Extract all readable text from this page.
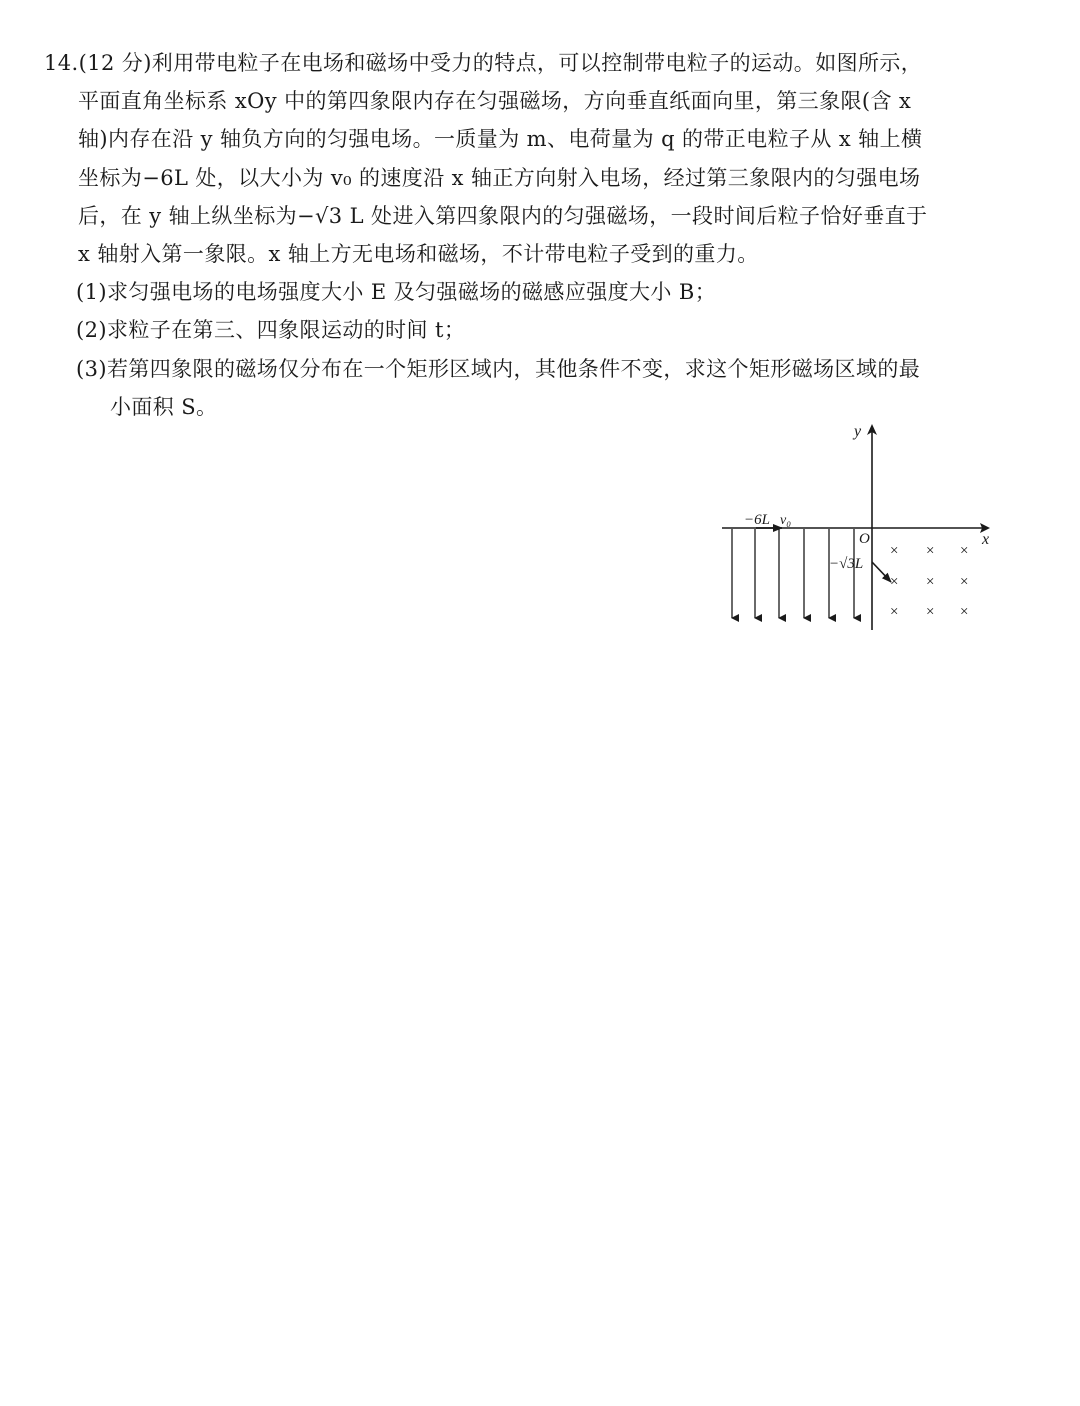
14.(12 分)利用带电粒子在电场和磁场中受力的特点，可以控制带电粒子的运动。如图所示，
平面直角坐标系 xOy 中的第四象限内存在匀强磁场，方向垂直纸面向里，第三象限(含 x
轴)内存在沿 y 轴负方向的匀强电场。一质量为 m、电荷量为 q 的带正电粒子从 x 轴上横
坐标为−6L 处，以大小为 v₀ 的速度沿 x 轴正方向射入电场，经过第三象限内的匀强电场
后，在 y 轴上纵坐标为−√3 L 处进入第四象限内的匀强磁场，一段时间后粒子恰好垂直于
x 轴射入第一象限。x 轴上方无电场和磁场，不计带电粒子受到的重力。

(1)求匀强电场的电场强度大小 E 及匀强磁场的磁感应强度大小 B；

(2)求粒子在第三、四象限运动的时间 t；

(3)若第四象限的磁场仅分布在一个矩形区域内，其他条件不变，求这个矩形磁场区域的最
小面积 S。

y
x
O
−6L v₀
−√3L
× × ×
× × ×
× × ×
